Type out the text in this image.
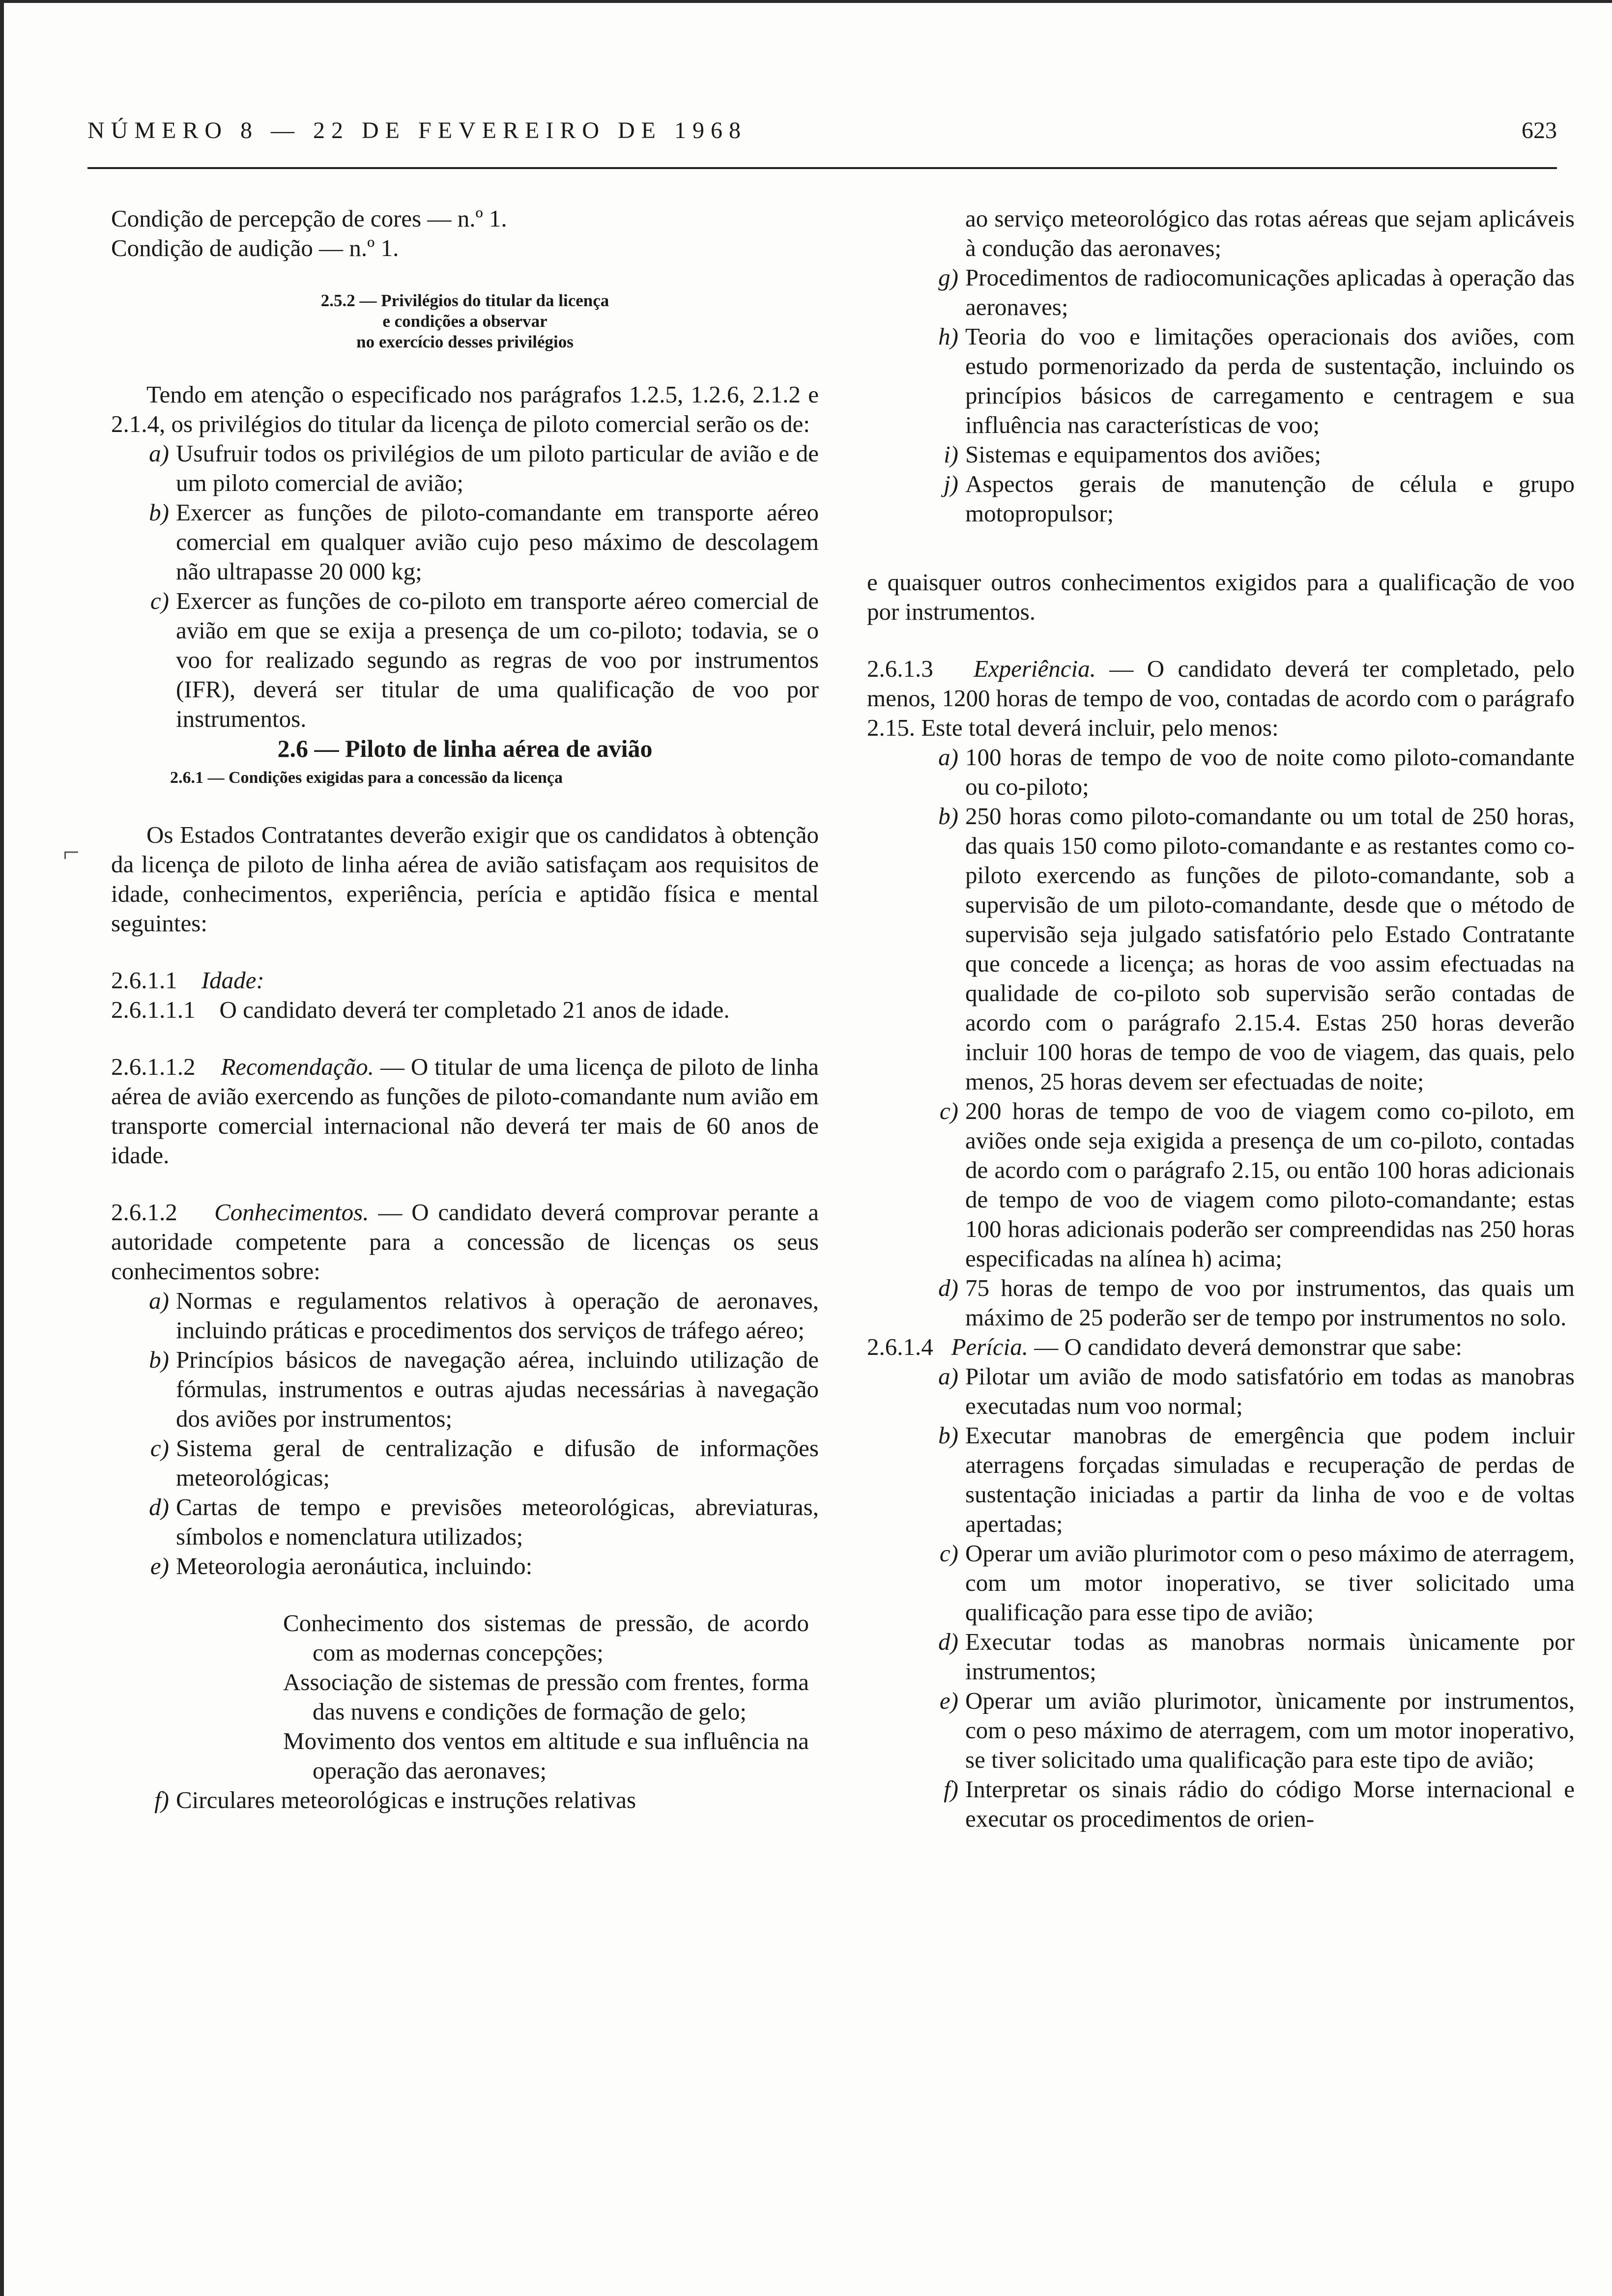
NÚMERO 8 — 22 DE FEVEREIRO DE 1968	623
⌐

Condição de percepção de cores — n.º 1.

Condição de audição — n.º 1.

2.5.2 — Privilégios do titular da licença

e condições a observar

no exercício desses privilégios

Tendo em atenção o especificado nos parágrafos 1.2.5, 1.2.6, 2.1.2 e 2.1.4, os privilégios do titular da licença de piloto comercial serão os de:

a) Usufruir todos os privilégios de um piloto particular de avião e de um piloto comercial de avião;
b) Exercer as funções de piloto-comandante em transporte aéreo comercial em qualquer avião cujo peso máximo de descolagem não ultrapasse 20 000 kg;
c) Exercer as funções de co-piloto em transporte aéreo comercial de avião em que se exija a presença de um co-piloto; todavia, se o voo for realizado segundo as regras de voo por instrumentos (IFR), deverá ser titular de uma qualificação de voo por instrumentos.

2.6 — Piloto de linha aérea de avião

2.6.1 — Condições exigidas para a concessão da licença

Os Estados Contratantes deverão exigir que os candidatos à obtenção da licença de piloto de linha aérea de avião satisfaçam aos requisitos de idade, conhecimentos, experiência, perícia e aptidão física e mental seguintes:

2.6.1.1 Idade:

2.6.1.1.1 O candidato deverá ter completado 21 anos de idade.

2.6.1.1.2 Recomendação. — O titular de uma licença de piloto de linha aérea de avião exercendo as funções de piloto-comandante num avião em transporte comercial internacional não deverá ter mais de 60 anos de idade.

2.6.1.2 Conhecimentos. — O candidato deverá comprovar perante a autoridade competente para a concessão de licenças os seus conhecimentos sobre:

a) Normas e regulamentos relativos à operação de aeronaves, incluindo práticas e procedimentos dos serviços de tráfego aéreo;
b) Princípios básicos de navegação aérea, incluindo utilização de fórmulas, instrumentos e outras ajudas necessárias à navegação dos aviões por instrumentos;
c) Sistema geral de centralização e difusão de informações meteorológicas;
d) Cartas de tempo e previsões meteorológicas, abreviaturas, símbolos e nomenclatura utilizados;
e) Meteorologia aeronáutica, incluindo:

Conhecimento dos sistemas de pressão, de acordo com as modernas concepções;

Associação de sistemas de pressão com frentes, forma das nuvens e condições de formação de gelo;

Movimento dos ventos em altitude e sua influência na operação das aeronaves;

f) Circulares meteorológicas e instruções relativas

ao serviço meteorológico das rotas aéreas que sejam aplicáveis à condução das aeronaves;

g) Procedimentos de radiocomunicações aplicadas à operação das aeronaves;
h) Teoria do voo e limitações operacionais dos aviões, com estudo pormenorizado da perda de sustentação, incluindo os princípios básicos de carregamento e centragem e sua influência nas características de voo;
i) Sistemas e equipamentos dos aviões;
j) Aspectos gerais de manutenção de célula e grupo motopropulsor;

e quaisquer outros conhecimentos exigidos para a qualificação de voo por instrumentos.

2.6.1.3 Experiência. — O candidato deverá ter completado, pelo menos, 1200 horas de tempo de voo, contadas de acordo com o parágrafo 2.15. Este total deverá incluir, pelo menos:

a) 100 horas de tempo de voo de noite como piloto-comandante ou co-piloto;
b) 250 horas como piloto-comandante ou um total de 250 horas, das quais 150 como piloto-comandante e as restantes como co-piloto exercendo as funções de piloto-comandante, sob a supervisão de um piloto-comandante, desde que o método de supervisão seja julgado satisfatório pelo Estado Contratante que concede a licença; as horas de voo assim efectuadas na qualidade de co-piloto sob supervisão serão contadas de acordo com o parágrafo 2.15.4. Estas 250 horas deverão incluir 100 horas de tempo de voo de viagem, das quais, pelo menos, 25 horas devem ser efectuadas de noite;
c) 200 horas de tempo de voo de viagem como co-piloto, em aviões onde seja exigida a presença de um co-piloto, contadas de acordo com o parágrafo 2.15, ou então 100 horas adicionais de tempo de voo de viagem como piloto-comandante; estas 100 horas adicionais poderão ser compreendidas nas 250 horas especificadas na alínea h) acima;
d) 75 horas de tempo de voo por instrumentos, das quais um máximo de 25 poderão ser de tempo por instrumentos no solo.

2.6.1.4 Perícia. — O candidato deverá demonstrar que sabe:

a) Pilotar um avião de modo satisfatório em todas as manobras executadas num voo normal;
b) Executar manobras de emergência que podem incluir aterragens forçadas simuladas e recuperação de perdas de sustentação iniciadas a partir da linha de voo e de voltas apertadas;
c) Operar um avião plurimotor com o peso máximo de aterragem, com um motor inoperativo, se tiver solicitado uma qualificação para esse tipo de avião;
d) Executar todas as manobras normais ùnicamente por instrumentos;
e) Operar um avião plurimotor, ùnicamente por instrumentos, com o peso máximo de aterragem, com um motor inoperativo, se tiver solicitado uma qualificação para este tipo de avião;
f) Interpretar os sinais rádio do código Morse internacional e executar os procedimentos de orien-
